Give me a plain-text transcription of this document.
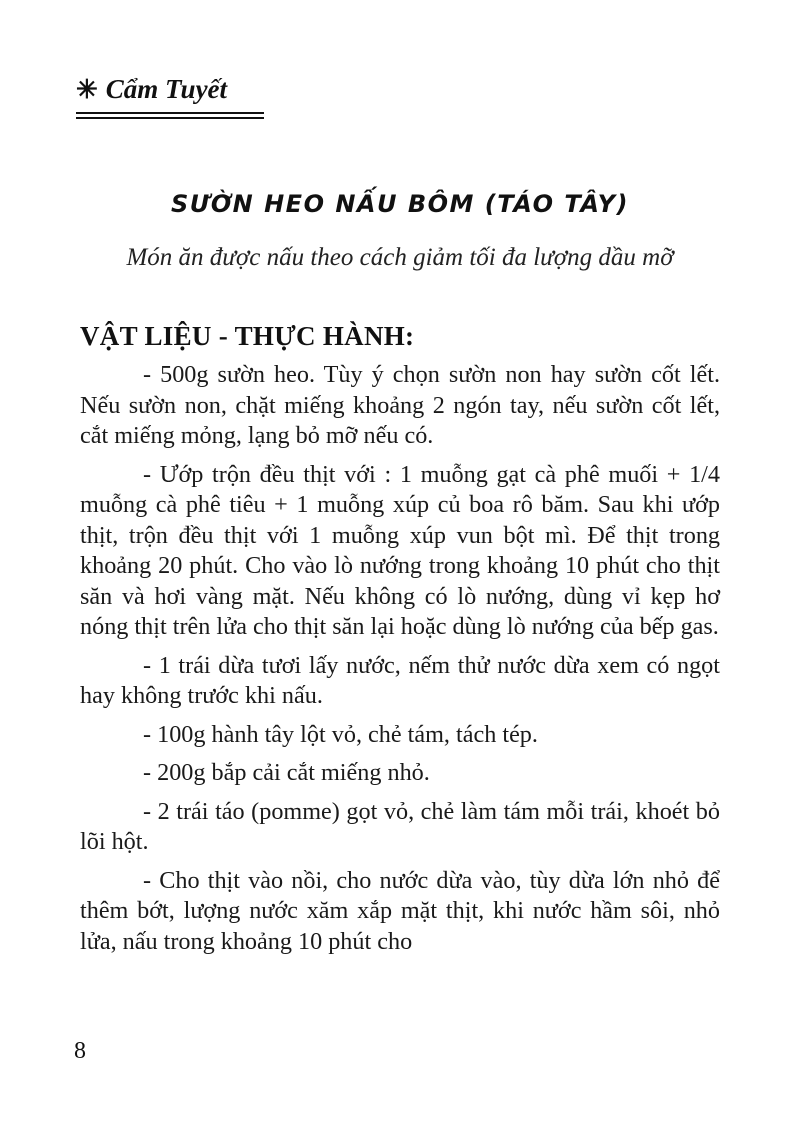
✳ Cẩm Tuyết
SƯỜN HEO NẤU BÔM (TÁO TÂY)
Món ăn được nấu theo cách giảm tối đa lượng dầu mỡ
VẬT LIỆU - THỰC HÀNH:

- 500g sườn heo. Tùy ý chọn sườn non hay sườn cốt lết. Nếu sườn non, chặt miếng khoảng 2 ngón tay, nếu sườn cốt lết, cắt miếng mỏng, lạng bỏ mỡ nếu có.

- Ướp trộn đều thịt với : 1 muỗng gạt cà phê muối + 1/4 muỗng cà phê tiêu + 1 muỗng xúp củ boa rô băm. Sau khi ướp thịt, trộn đều thịt với 1 muỗng xúp vun bột mì. Để thịt trong khoảng 20 phút. Cho vào lò nướng trong khoảng 10 phút cho thịt săn và hơi vàng mặt. Nếu không có lò nướng, dùng vỉ kẹp hơ nóng thịt trên lửa cho thịt săn lại hoặc dùng lò nướng của bếp gas.

- 1 trái dừa tươi lấy nước, nếm thử nước dừa xem có ngọt hay không trước khi nấu.

- 100g hành tây lột vỏ, chẻ tám, tách tép.

- 200g bắp cải cắt miếng nhỏ.

- 2 trái táo (pomme) gọt vỏ, chẻ làm tám mỗi trái, khoét bỏ lõi hột.

- Cho thịt vào nồi, cho nước dừa vào, tùy dừa lớn nhỏ để thêm bớt, lượng nước xăm xắp mặt thịt, khi nước hầm sôi, nhỏ lửa, nấu trong khoảng 10 phút cho

8
